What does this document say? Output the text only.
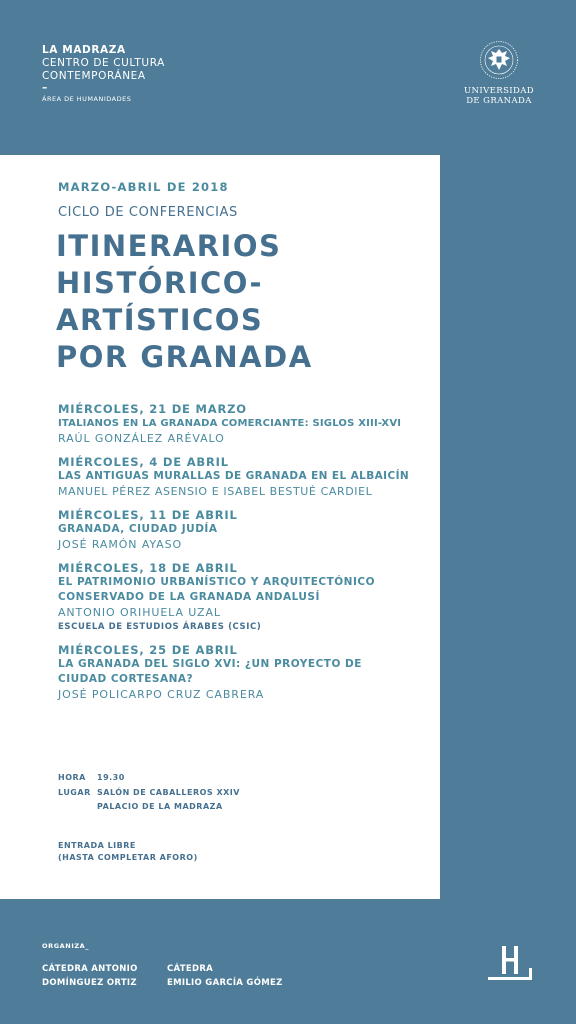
LA MADRAZA
CENTRO DE CULTURA
CONTEMPORÁNEA
–
ÁREA DE HUMANIDADES
UNIVERSIDAD
DE GRANADA
MARZO-ABRIL DE 2018
CICLO DE CONFERENCIAS
ITINERARIOS
HISTÓRICO-
ARTÍSTICOS
POR GRANADA
MIÉRCOLES, 21 DE MARZO
ITALIANOS EN LA GRANADA COMERCIANTE: SIGLOS XIII-XVI
RAÚL GONZÁLEZ ARÉVALO
MIÉRCOLES, 4 DE ABRIL
LAS ANTIGUAS MURALLAS DE GRANADA EN EL ALBAICÍN
MANUEL PÉREZ ASENSIO E ISABEL BESTUÉ CARDIEL
MIÉRCOLES, 11 DE ABRIL
GRANADA, CIUDAD JUDÍA
JOSÉ RAMÓN AYASO
MIÉRCOLES, 18 DE ABRIL
EL PATRIMONIO URBANÍSTICO Y ARQUITECTÓNICO
CONSERVADO DE LA GRANADA ANDALUSÍ
ANTONIO ORIHUELA UZAL
ESCUELA DE ESTUDIOS ÁRABES (CSIC)
MIÉRCOLES, 25 DE ABRIL
LA GRANADA DEL SIGLO XVI: ¿UN PROYECTO DE
CIUDAD CORTESANA?
JOSÉ POLICARPO CRUZ CABRERA
HORA	19.30
LUGAR SALÓN DE CABALLEROS XXIV
PALACIO DE LA MADRAZA
ENTRADA LIBRE
(HASTA COMPLETAR AFORO)
ORGANIZA_
CÁTEDRA ANTONIO
DOMÍNGUEZ ORTIZ
CÁTEDRA
EMILIO GARCÍA GÓMEZ
